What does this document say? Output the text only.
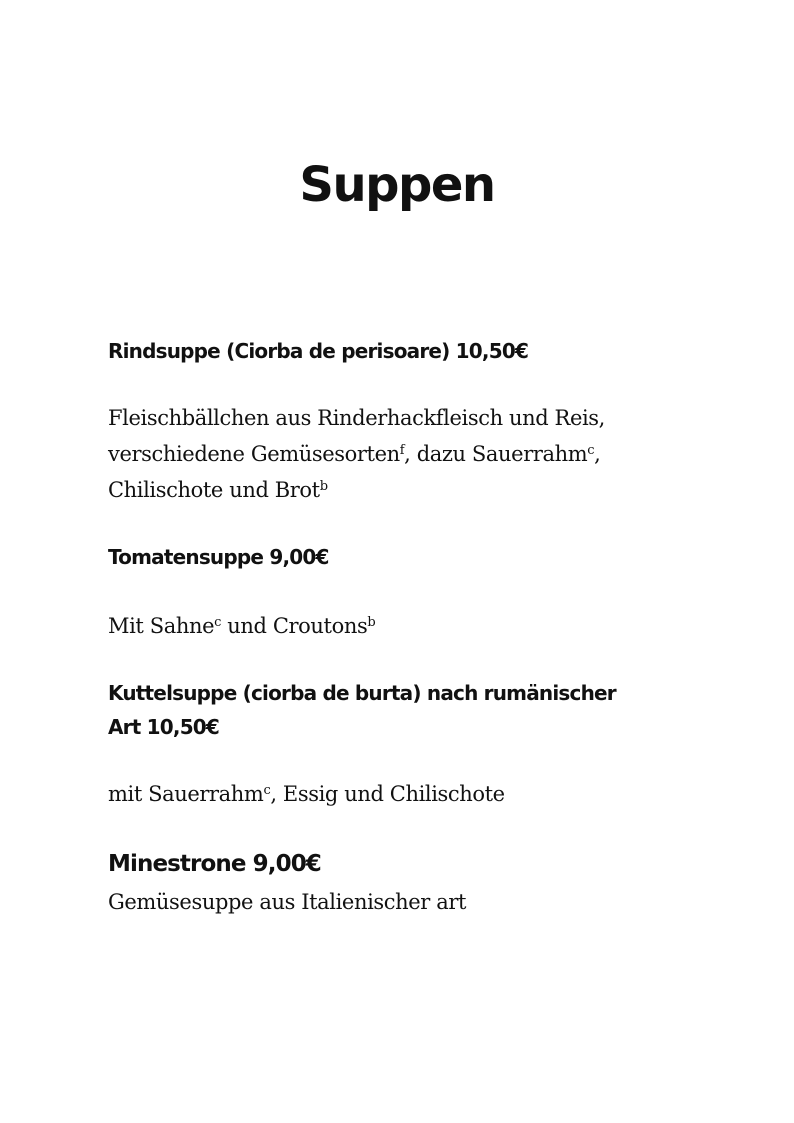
Suppen
Rindsuppe (Ciorba de perisoare) 10,50€
Fleischbällchen aus Rinderhackfleisch und Reis,
verschiedene Gemüsesorten$^f$, dazu Sauerrahm$^c$,
Chilischote und Brot$^b$
Tomatensuppe 9,00€
Mit Sahne$^c$ und Croutons$^b$
Kuttelsuppe (ciorba de burta) nach rumänischer
Art 10,50€
mit Sauerrahm$^c$, Essig und Chilischote
Minestrone 9,00€
Gemüsesuppe aus Italienischer art
